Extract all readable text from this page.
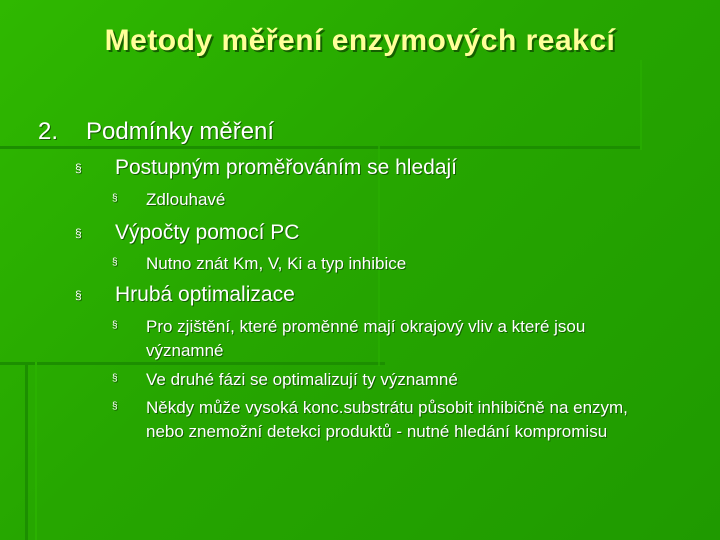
Metody měření enzymových reakcí
2. Podmínky měření
§ Postupným proměřováním se hledají
§ Zdlouhavé
§ Výpočty pomocí PC
§ Nutno znát Km, V, Ki a typ inhibice
§ Hrubá optimalizace
§ Pro zjištění, které proměnné mají okrajový vliv a které jsou významné
§ Ve druhé fázi se optimalizují ty významné
§ Někdy může vysoká konc.substrátu působit inhibičně na enzym, nebo znemožní detekci produktů - nutné hledání kompromisu
